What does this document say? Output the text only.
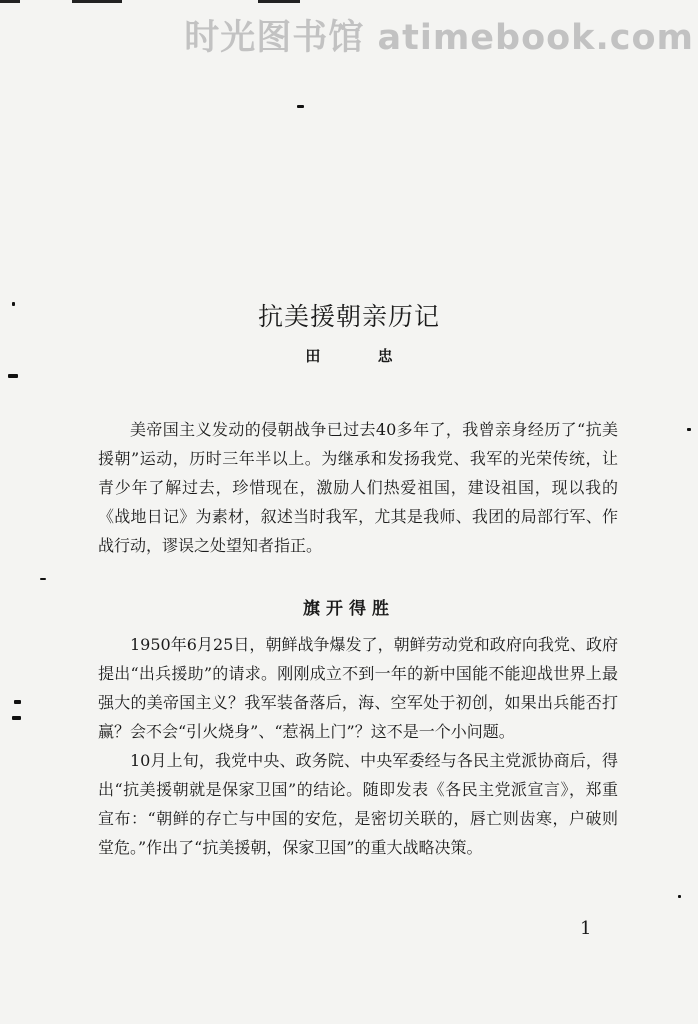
时光图书馆 atimebook.com
抗美援朝亲历记
田 忠

美帝国主义发动的侵朝战争已过去40多年了，我曾亲身经历了“抗美援朝”运动，历时三年半以上。为继承和发扬我党、我军的光荣传统，让青少年了解过去，珍惜现在，激励人们热爱祖国，建设祖国，现以我的《战地日记》为素材，叙述当时我军，尤其是我师、我团的局部行军、作战行动，谬误之处望知者指正。

旗开得胜

1950年6月25日，朝鲜战争爆发了，朝鲜劳动党和政府向我党、政府提出“出兵援助”的请求。刚刚成立不到一年的新中国能不能迎战世界上最强大的美帝国主义？我军装备落后，海、空军处于初创，如果出兵能否打赢？会不会“引火烧身”、“惹祸上门”？这不是一个小问题。

10月上旬，我党中央、政务院、中央军委经与各民主党派协商后，得出“抗美援朝就是保家卫国”的结论。随即发表《各民主党派宣言》，郑重宣布：“朝鲜的存亡与中国的安危，是密切关联的，唇亡则齿寒，户破则堂危。”作出了“抗美援朝，保家卫国”的重大战略决策。

1
